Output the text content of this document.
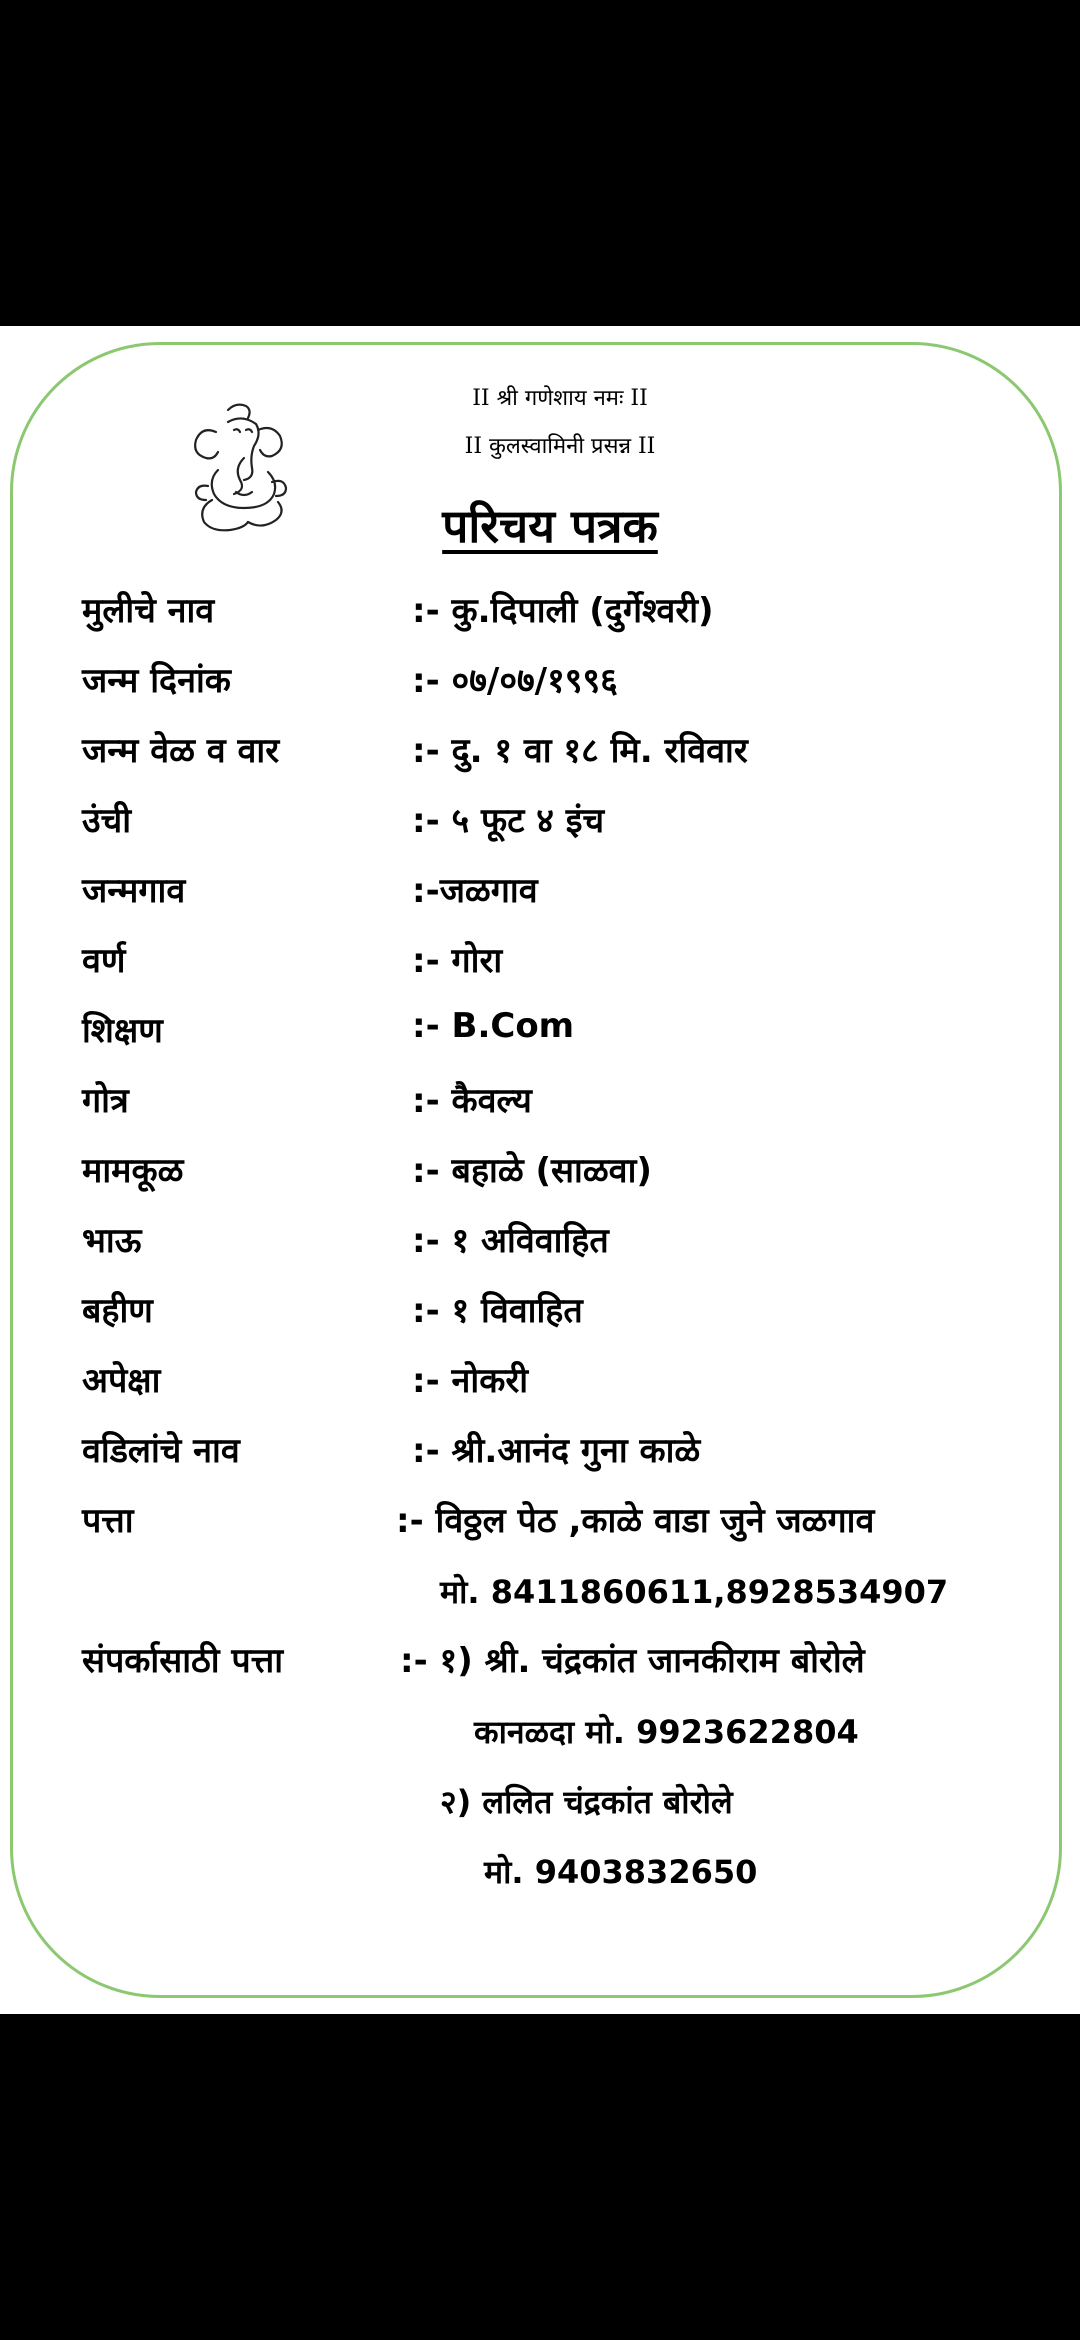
II श्री गणेशाय नमः II
II कुलस्वामिनी प्रसन्न II
परिचय पत्रक
मुलीचे नाव	:- कु.दिपाली (दुर्गेश्वरी)
जन्म दिनांक	:- ०७/०७/१९९६
जन्म वेळ व वार	:- दु. १ वा १८ मि. रविवार
उंची	:- ५ फूट ४ इंच
जन्मगाव	:-जळगाव
वर्ण	:- गोरा
शिक्षण	:- B.Com
गोत्र	:- कैवल्य
मामकूळ	:- बहाळे (साळवा)
भाऊ	:- १ अविवाहित
बहीण	:- १ विवाहित
अपेक्षा	:- नोकरी
वडिलांचे नाव	:- श्री.आनंद गुना काळे
पत्ता	:- विठ्ठल पेठ ,काळे वाडा जुने जळगाव
मो. 8411860611,8928534907
संपर्कासाठी पत्ता	:- १) श्री. चंद्रकांत जानकीराम बोरोले
कानळदा मो. 9923622804
२) ललित चंद्रकांत बोरोले
मो. 9403832650
